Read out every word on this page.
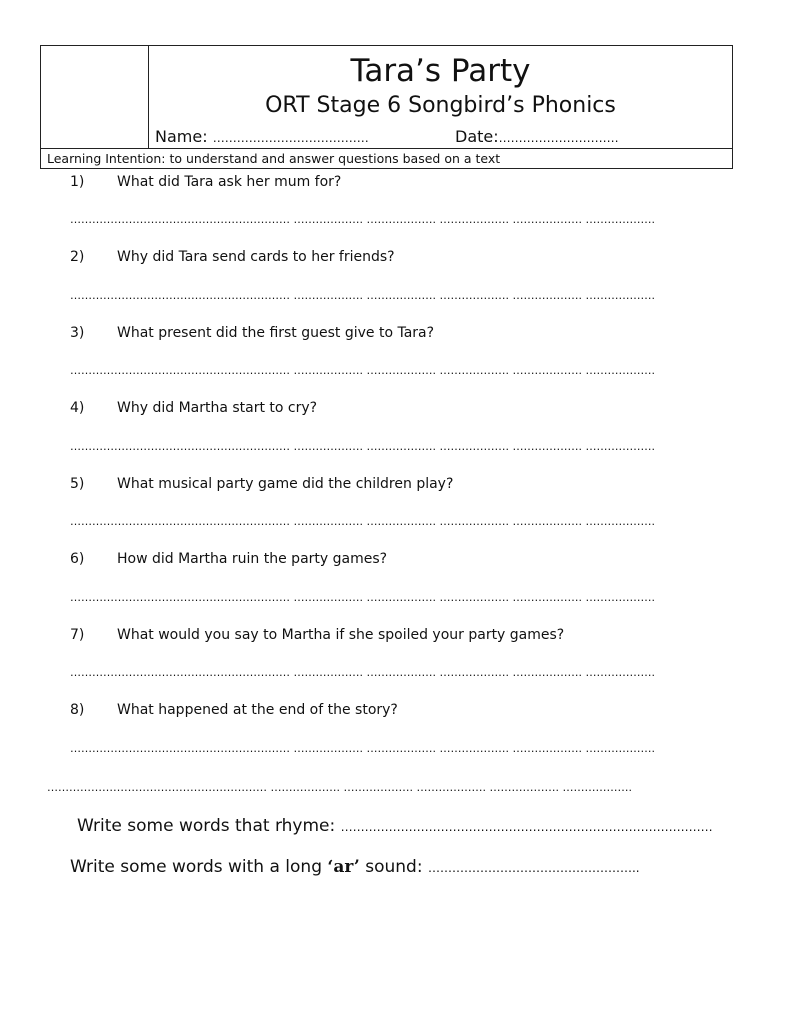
Tara’s Party
ORT Stage 6 Songbird’s Phonics
Name: …………………………………	Date:…………………………
Learning Intention: to understand and answer questions based on a text
1) What did Tara ask her mum for?
…………………………………………………… ………………. ………………. ………………. ………………. ……………….
2) Why did Tara send cards to her friends?
…………………………………………………… ………………. ………………. ………………. ………………. ……………….
3) What present did the first guest give to Tara?
…………………………………………………… ………………. ………………. ………………. ………………. ……………….
4) Why did Martha start to cry?
…………………………………………………… ………………. ………………. ………………. ………………. ……………….
5) What musical party game did the children play?
…………………………………………………… ………………. ………………. ………………. ………………. ……………….
6) How did Martha ruin the party games?
…………………………………………………… ………………. ………………. ………………. ………………. ……………….
7) What would you say to Martha if she spoiled your party games?
…………………………………………………… ………………. ………………. ………………. ………………. ……………….
8) What happened at the end of the story?
…………………………………………………… ………………. ………………. ………………. ………………. ……………….
…………………………………………………… ………………. ………………. ………………. ………………. ……………….
Write some words that rhyme: …………………………………………………………………………………
Write some words with a long ‘ar’ sound: ……………………………………………..
